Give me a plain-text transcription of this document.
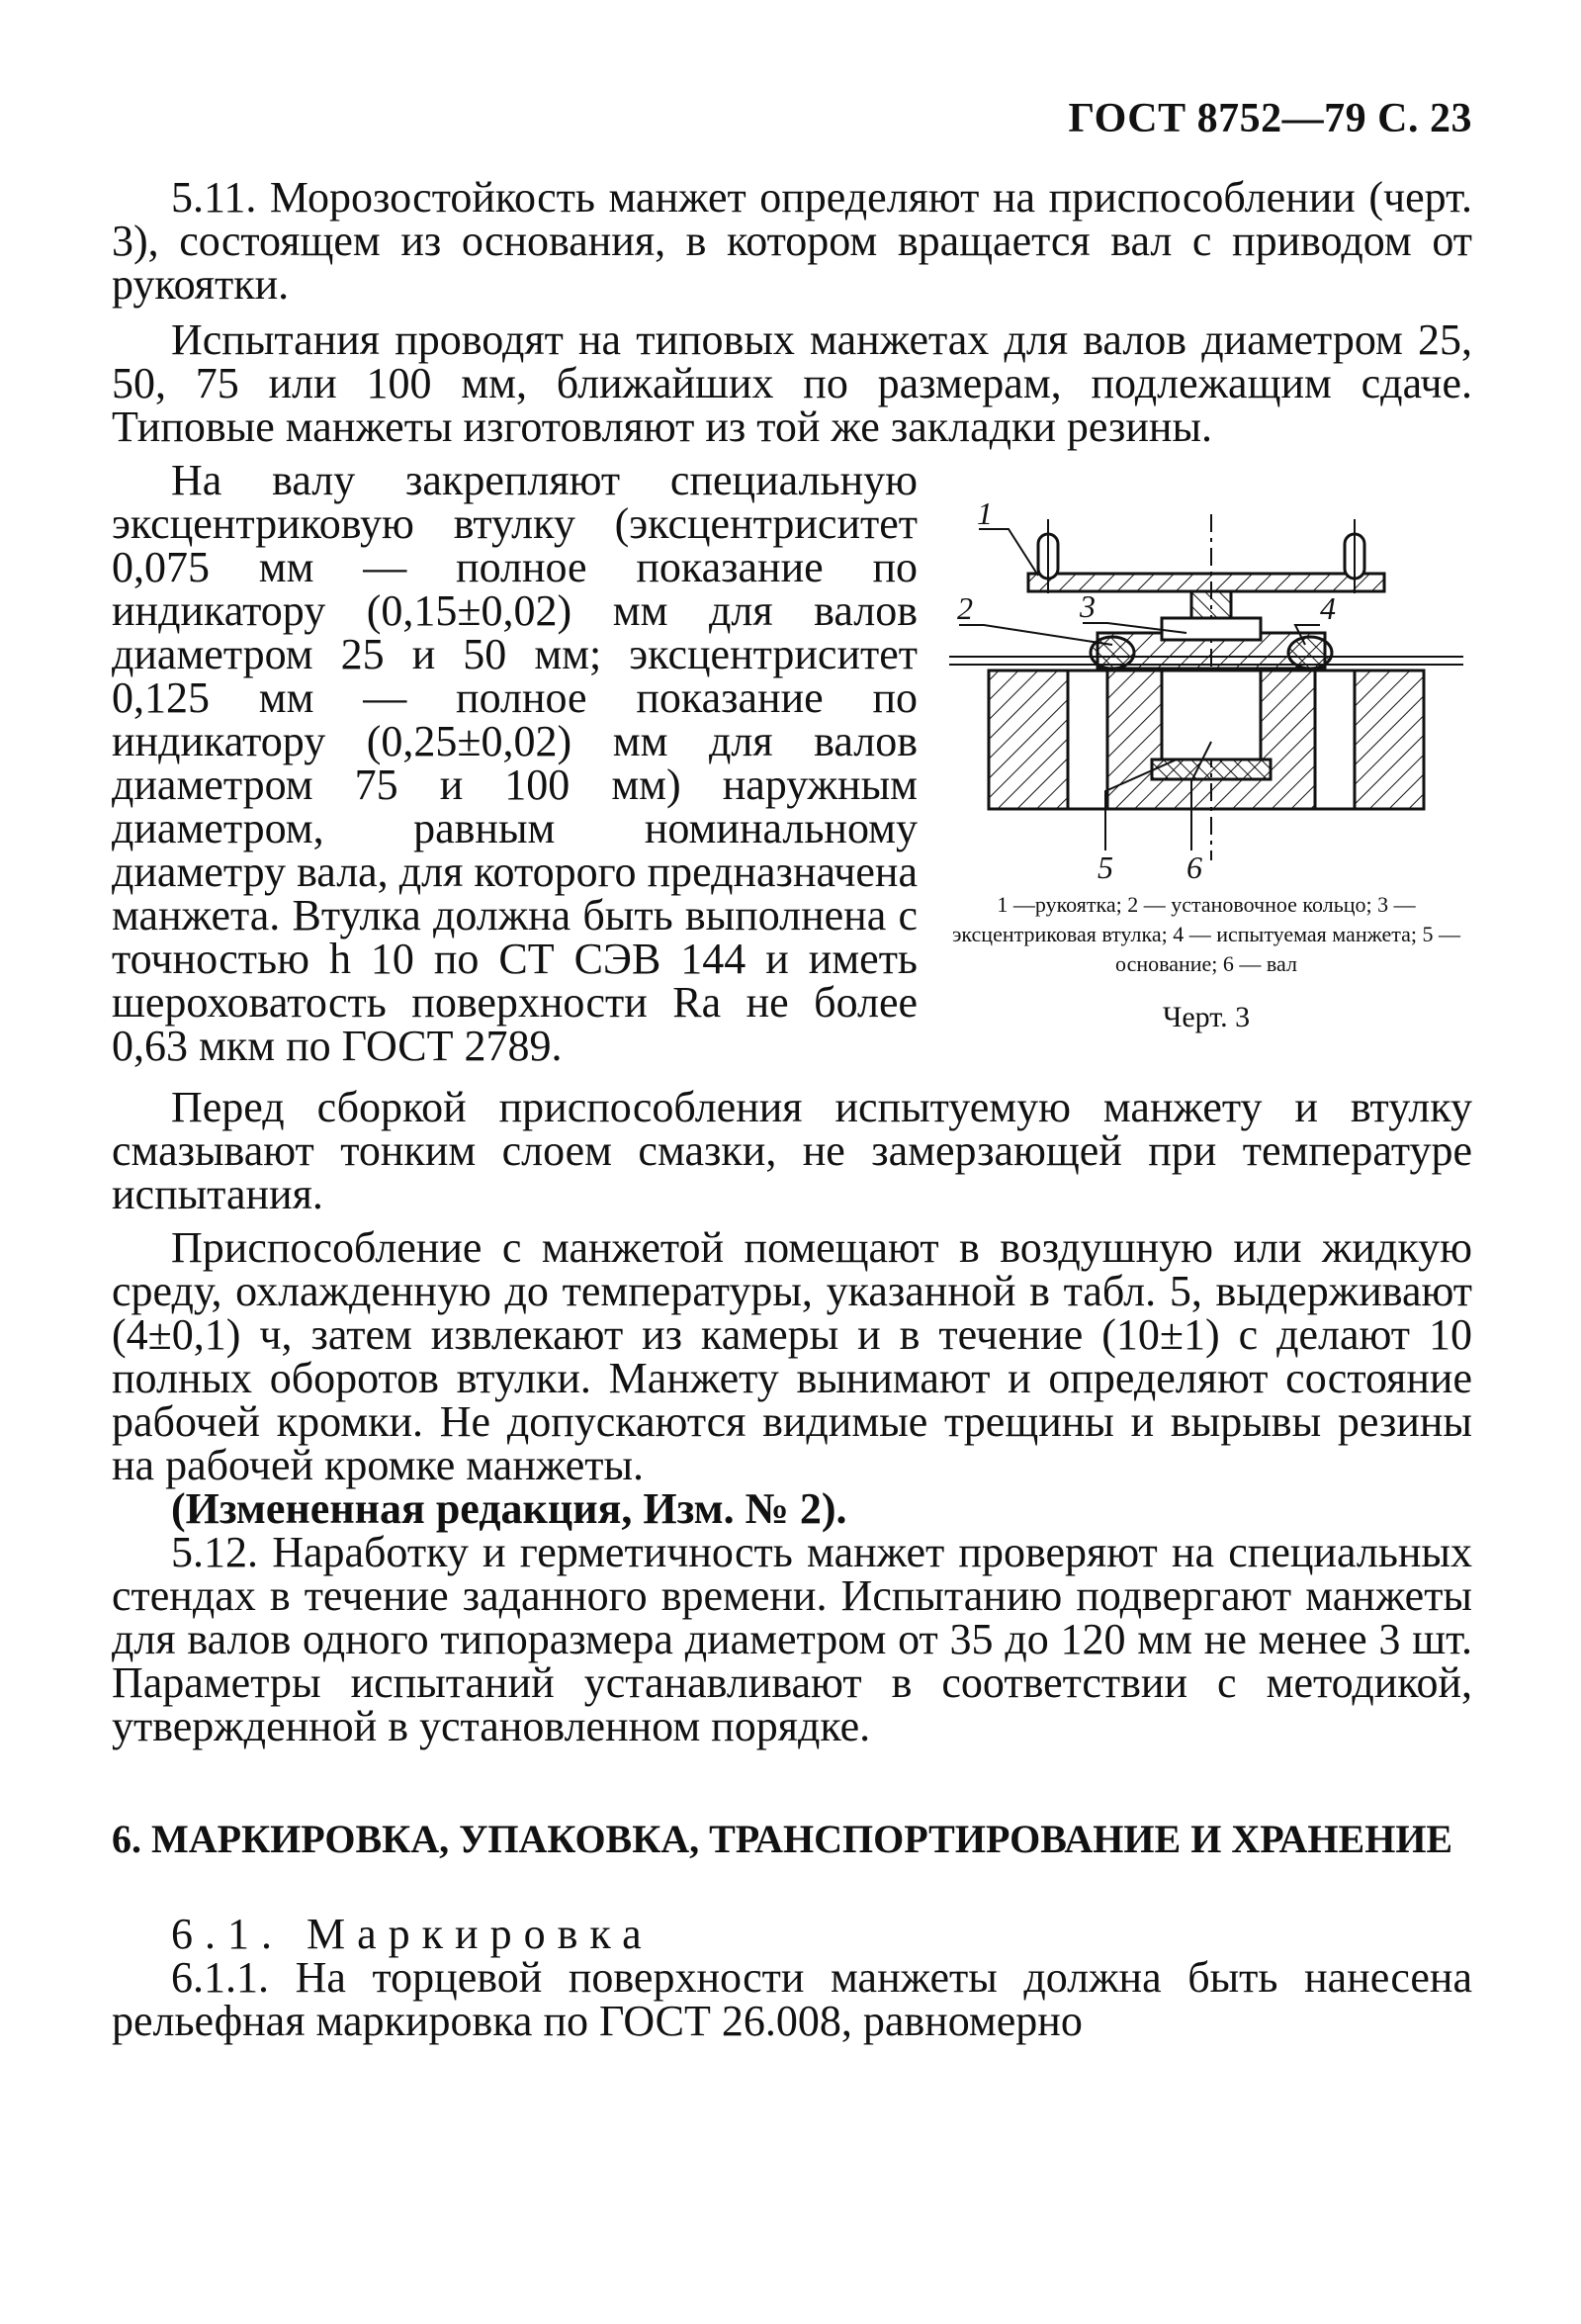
ГОСТ 8752—79 С. 23
5.11. Морозостойкость манжет определяют на приспособлении (черт. 3), состоящем из основания, в котором вращается вал с приводом от рукоятки.
Испытания проводят на типовых манжетах для валов диаметром 25, 50, 75 или 100 мм, ближайших по размерам, подлежащим сдаче. Типовые манжеты изготовляют из той же закладки резины.
На валу закрепляют специальную эксцентриковую втулку (эксцентриситет 0,075 мм — полное показание по индикатору (0,15±0,02) мм для валов диаметром 25 и 50 мм; эксцентриситет 0,125 мм — полное показание по индикатору (0,25±0,02) мм для валов диаметром 75 и 100 мм) наружным диаметром, равным номинальному диаметру вала, для которого предназначена манжета. Втулка должна быть выполнена с точностью h 10 по СТ СЭВ 144 и иметь шероховатость поверхности Ra не более 0,63 мкм по ГОСТ 2789.
1
2	3	4
5 6
1 —рукоятка; 2 — установочное кольцо; 3 — эксцентриковая втулка; 4 — испытуемая манжета; 5 — основание; 6 — вал
Черт. 3
Перед сборкой приспособления испытуемую манжету и втулку смазывают тонким слоем смазки, не замерзающей при температуре испытания.
Приспособление с манжетой помещают в воздушную или жидкую среду, охлажденную до температуры, указанной в табл. 5, выдерживают (4±0,1) ч, затем извлекают из камеры и в течение (10±1) с делают 10 полных оборотов втулки. Манжету вынимают и определяют состояние рабочей кромки. Не допускаются видимые трещины и вырывы резины на рабочей кромке манжеты.
(Измененная редакция, Изм. № 2).
5.12. Наработку и герметичность манжет проверяют на специальных стендах в течение заданного времени. Испытанию подвергают манжеты для валов одного типоразмера диаметром от 35 до 120 мм не менее 3 шт. Параметры испытаний устанавливают в соответствии с методикой, утвержденной в установленном порядке.
6. МАРКИРОВКА, УПАКОВКА, ТРАНСПОРТИРОВАНИЕ И ХРАНЕНИЕ
6.1. Маркировка
6.1.1. На торцевой поверхности манжеты должна быть нанесена рельефная маркировка по ГОСТ 26.008, равномерно
